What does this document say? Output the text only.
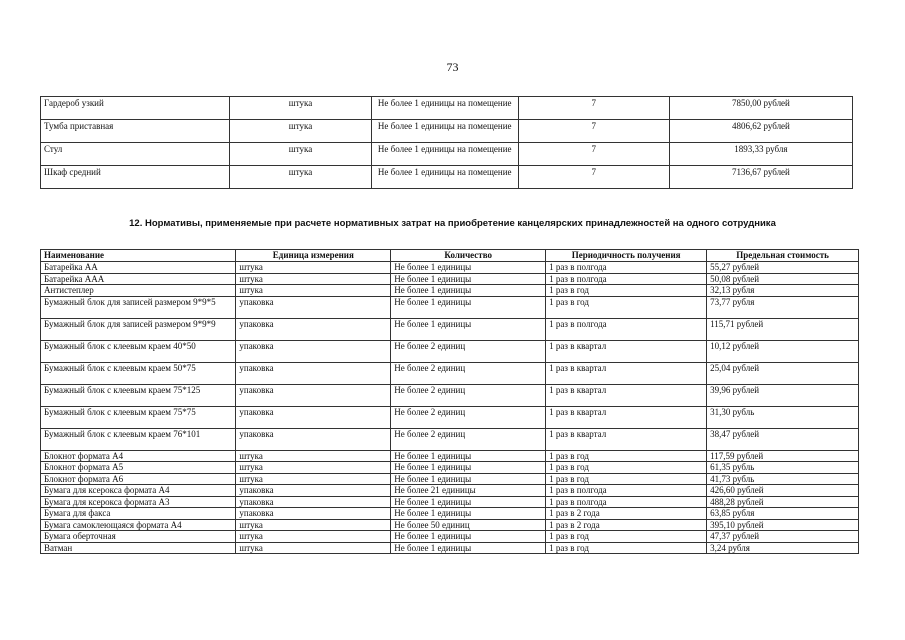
73
Гардероб узкий	штука	Не более 1 единицы на помещение	7	7850,00 рублей
Тумба приставная	штука	Не более 1 единицы на помещение	7	4806,62 рублей
Стул	штука	Не более 1 единицы на помещение	7	1893,33 рубля
Шкаф средний	штука	Не более 1 единицы на помещение	7	7136,67 рублей
12. Нормативы, применяемые при расчете нормативных затрат на приобретение канцелярских принадлежностей на одного сотрудника
Наименование	Единица измерения	Количество	Периодичность получения	Предельная стоимость
Батарейка АА	штука	Не более 1 единицы	1 раз в полгода	55,27 рублей
Батарейка ААА	штука	Не более 1 единицы	1 раз в полгода	50,08 рублей
Антистеплер	штука	Не более 1 единицы	1 раз в год	32,13 рубля
Бумажный блок для записей размером 9*9*5	упаковка	Не более 1 единицы	1 раз в год	73,77 рубля
Бумажный блок для записей размером 9*9*9	упаковка	Не более 1 единицы	1 раз в полгода	115,71 рублей
Бумажный блок с клеевым краем 40*50	упаковка	Не более 2 единиц	1 раз в квартал	10,12 рублей
Бумажный блок с клеевым краем 50*75	упаковка	Не более 2 единиц	1 раз в квартал	25,04 рублей
Бумажный блок с клеевым краем 75*125	упаковка	Не более 2 единиц	1 раз в квартал	39,96 рублей
Бумажный блок с клеевым краем 75*75	упаковка	Не более 2 единиц	1 раз в квартал	31,30 рубль
Бумажный блок с клеевым краем 76*101	упаковка	Не более 2 единиц	1 раз в квартал	38,47 рублей
Блокнот формата А4	штука	Не более 1 единицы	1 раз в год	117,59 рублей
Блокнот формата А5	штука	Не более 1 единицы	1 раз в год	61,35 рубль
Блокнот формата А6	штука	Не более 1 единицы	1 раз в год	41,73 рубль
Бумага для ксерокса формата А4	упаковка	Не более 21 единицы	1 раз в полгода	426,60 рублей
Бумага для ксерокса формата А3	упаковка	Не более 1 единицы	1 раз в полгода	488,28 рублей
Бумага для факса	упаковка	Не более 1 единицы	1 раз в 2 года	63,85 рубля
Бумага самоклеющаяся формата А4	штука	Не более 50 единиц	1 раз в 2 года	395,10 рублей
Бумага оберточная	штука	Не более 1 единицы	1 раз в год	47,37 рублей
Ватман	штука	Не более 1 единицы	1 раз в год	3,24 рубля
